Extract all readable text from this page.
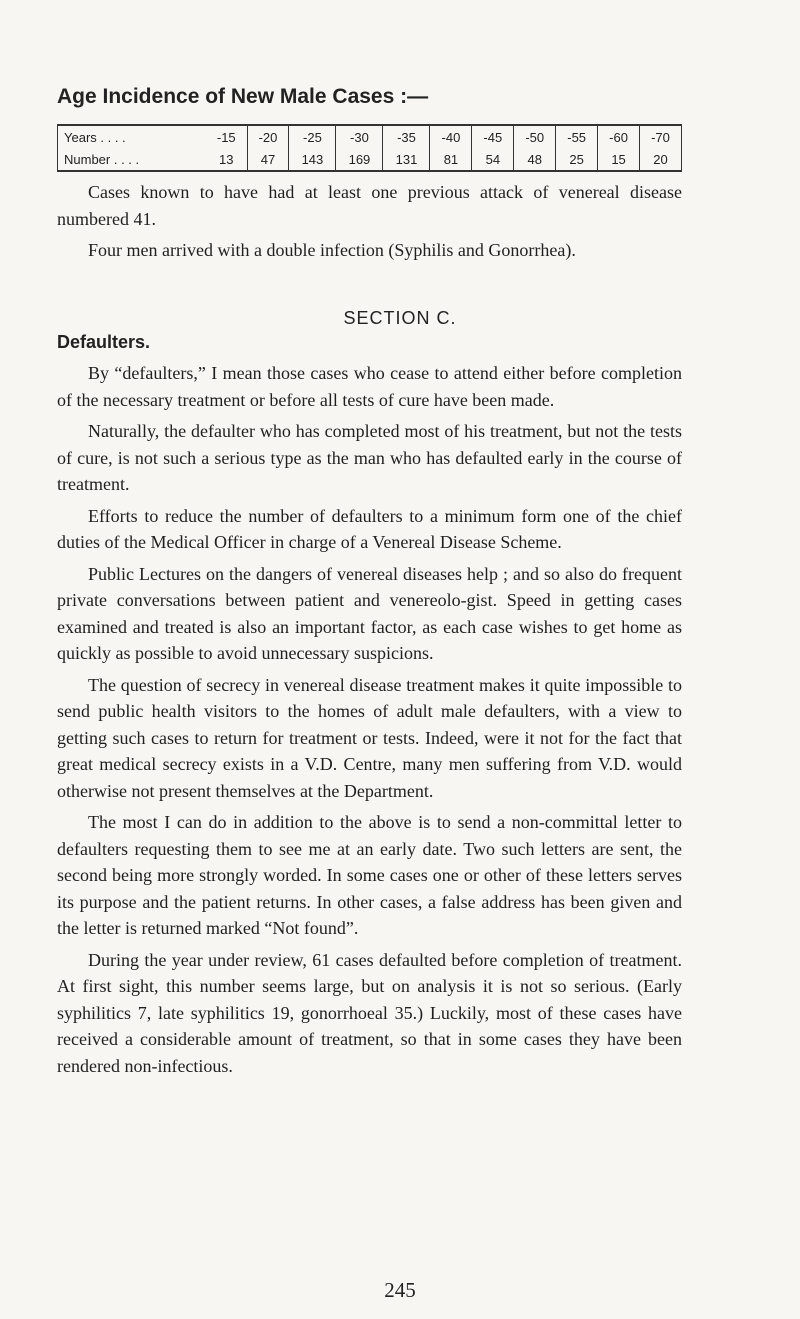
Age Incidence of New Male Cases :—
Years . . . .	-15	-20	-25	-30	-35	-40	-45	-50	-55	-60	-70
Number . . . .	13	47	143	169	131	81	54	48	25	15	20

Cases known to have had at least one previous attack of venereal disease numbered 41.

Four men arrived with a double infection (Syphilis and Gonorrhea).

SECTION C.
Defaulters.

By “defaulters,” I mean those cases who cease to attend either before completion of the necessary treatment or before all tests of cure have been made.

Naturally, the defaulter who has completed most of his treatment, but not the tests of cure, is not such a serious type as the man who has defaulted early in the course of treatment.

Efforts to reduce the number of defaulters to a minimum form one of the chief duties of the Medical Officer in charge of a Venereal Disease Scheme.

Public Lectures on the dangers of venereal diseases help ; and so also do frequent private conversations between patient and venereolo-gist. Speed in getting cases examined and treated is also an important factor, as each case wishes to get home as quickly as possible to avoid unnecessary suspicions.

The question of secrecy in venereal disease treatment makes it quite impossible to send public health visitors to the homes of adult male defaulters, with a view to getting such cases to return for treatment or tests. Indeed, were it not for the fact that great medical secrecy exists in a V.D. Centre, many men suffering from V.D. would otherwise not present themselves at the Department.

The most I can do in addition to the above is to send a non-committal letter to defaulters requesting them to see me at an early date. Two such letters are sent, the second being more strongly worded. In some cases one or other of these letters serves its purpose and the patient returns. In other cases, a false address has been given and the letter is returned marked “Not found”.

During the year under review, 61 cases defaulted before completion of treatment. At first sight, this number seems large, but on analysis it is not so serious. (Early syphilitics 7, late syphilitics 19, gonorrhoeal 35.) Luckily, most of these cases have received a considerable amount of treatment, so that in some cases they have been rendered non-infectious.

245
